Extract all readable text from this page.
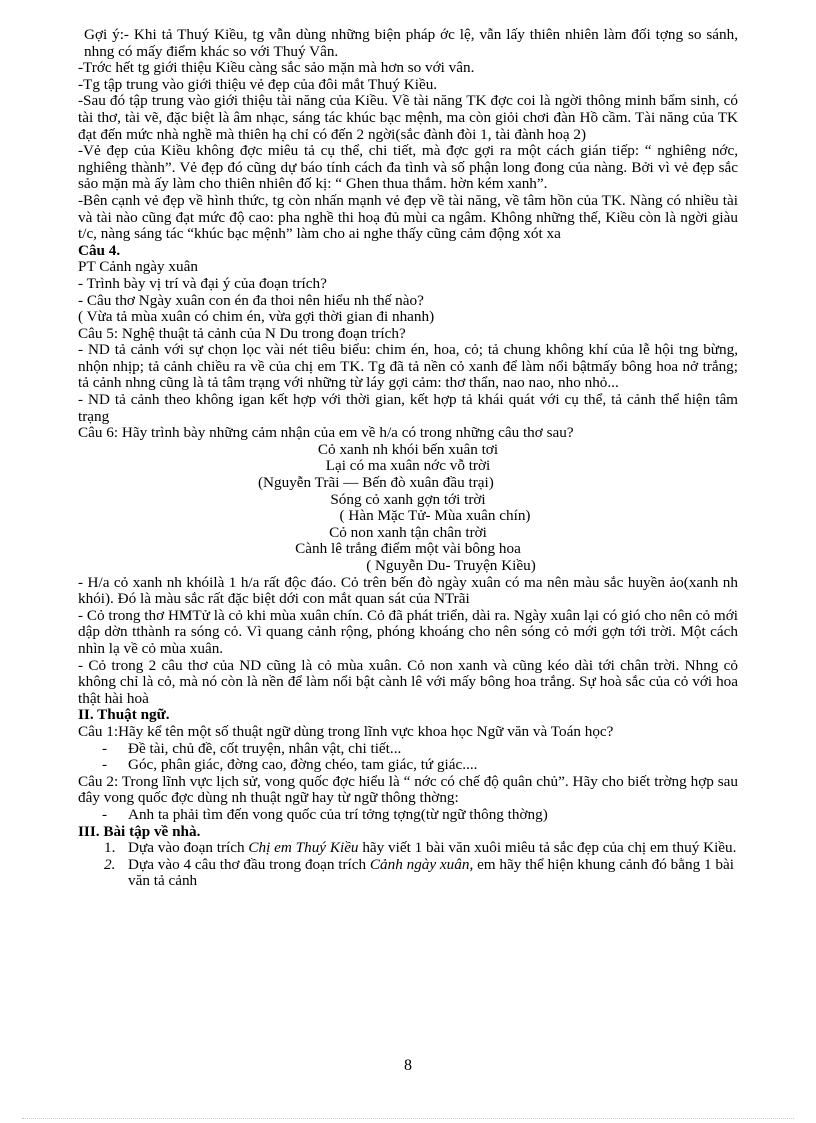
Gợi ý:- Khi tả Thuý Kiều, tg vẫn dùng những biện pháp ớc lệ, vẫn lấy thiên nhiên làm đối tợng so sánh, nhng có mấy điểm khác so với Thuý Vân.

-Trớc hết tg giới thiệu Kiều càng sắc sảo mặn mà hơn so với vân.

-Tg tập trung vào giới thiệu vẻ đẹp của đôi mắt Thuý Kiều.

-Sau đó tập trung vào giới thiệu tài năng của Kiều. Về tài năng TK đợc coi là ngời thông minh bẩm sinh, có tài thơ, tài vẽ, đặc biệt là âm nhạc, sáng tác khúc bạc mệnh, ma còn giỏi chơi đàn Hồ cầm. Tài năng của TK đạt đến mức nhà nghề mà thiên hạ chỉ có đến 2 ngời(sắc đành đòi 1, tài đành hoạ 2)

-Vẻ đẹp của Kiều không đợc miêu tả cụ thể, chi tiết, mà đợc gợi ra một cách gián tiếp: “ nghiêng nớc, nghiêng thành”. Vẻ đẹp đó cũng dự báo tính cách đa tình và số phận long đong của nàng. Bởi vì vẻ đẹp sắc sảo mặn mà ấy làm cho thiên nhiên đố kị: “ Ghen thua thắm. hờn kém xanh”.

-Bên cạnh vẻ đẹp về hình thức, tg còn nhấn mạnh vẻ đẹp về tài năng, về tâm hồn của TK. Nàng có nhiều tài và tài nào cũng đạt mức độ cao: pha nghề thi hoạ đủ mùi ca ngâm. Không những thế, Kiều còn là ngời giàu t/c, nàng sáng tác “khúc bạc mệnh” làm cho ai nghe thấy cũng cảm động xót xa

Câu 4.

PT Cảnh ngày xuân

- Trình bày vị trí và đại ý của đoạn trích?

- Câu thơ Ngày xuân con én đa thoi nên hiểu nh thế nào?

( Vừa tả mùa xuân có chim én, vừa gợi thời gian đi nhanh)

Câu 5: Nghệ thuật tả cảnh của N Du trong đoạn trích?

- ND tả cảnh với sự chọn lọc vài nét tiêu biểu: chim én, hoa, cỏ; tả chung không khí của lễ hội tng bừng, nhộn nhịp; tả cảnh chiều ra về của chị em TK. Tg đã tả nền cỏ xanh để làm nổi bậtmấy bông hoa nở trắng; tả cảnh nhng cũng là tả tâm trạng với những từ láy gợi cảm: thơ thẩn, nao nao, nho nhỏ...

- ND tả cảnh theo không igan kết hợp với thời gian, kết hợp tả khái quát với cụ thể, tả cảnh thể hiện tâm trạng

Câu 6: Hãy trình bày những cảm nhận của em về h/a có trong những câu thơ sau?

Cỏ xanh nh khói bến xuân tơi

Lại có ma xuân nớc vỗ trời

(Nguyễn Trãi — Bến đò xuân đầu trại)

Sóng cỏ xanh gợn tới trời

( Hàn Mặc Tử- Mùa xuân chín)

Cỏ non xanh tận chân trời

Cành lê trắng điểm một vài bông hoa

( Nguyễn Du- Truyện Kiều)

- H/a cỏ xanh nh khóilà 1 h/a rất độc đáo. Cỏ trên bến đò ngày xuân có ma nên màu sắc huyền ảo(xanh nh khói). Đó là màu sắc rất đặc biệt dới con mắt quan sát của NTrãi

- Cỏ trong thơ HMTử là cỏ khi mùa xuân chín. Cỏ đã phát triển, dài ra. Ngày xuân lại có gió cho nên cỏ mới dập dờn tthành ra sóng cỏ. Vì quang cảnh rộng, phóng khoáng cho nên sóng cỏ mới gợn tới trời. Một cách nhìn lạ về cỏ mùa xuân.

- Cỏ trong 2 câu thơ của ND cũng là cỏ mùa xuân. Cỏ non xanh và cũng kéo dài tới chân trời. Nhng cỏ không chỉ là cỏ, mà nó còn là nền để làm nổi bật cành lê với mấy bông hoa trắng. Sự hoà sắc của cỏ với hoa thật hài hoà

II. Thuật ngữ.

Câu 1:Hãy kể tên một số thuật ngữ dùng trong lĩnh vực khoa học Ngữ văn và Toán học?

-	Đề tài, chủ đề, cốt truyện, nhân vật, chi tiết...
-	Góc, phân giác, đờng cao, đờng chéo, tam giác, tứ giác....

Câu 2: Trong lĩnh vực lịch sử, vong quốc đợc hiểu là “ nớc có chế độ quân chủ”. Hãy cho biết trờng hợp sau đây vong quốc đợc dùng nh thuật ngữ hay từ ngữ thông thờng:

-	Anh ta phải tìm đến vong quốc của trí tởng tợng(từ ngữ thông thờng)

III. Bài tập về nhà.

1. Dựa vào đoạn trích Chị em Thuý Kiều hãy viết 1 bài văn xuôi miêu tả sắc đẹp của chị em thuý Kiều.
2. Dựa vào 4 câu thơ đầu trong đoạn trích Cảnh ngày xuân, em hãy thể hiện khung cảnh đó bằng 1 bài văn tả cảnh
8
